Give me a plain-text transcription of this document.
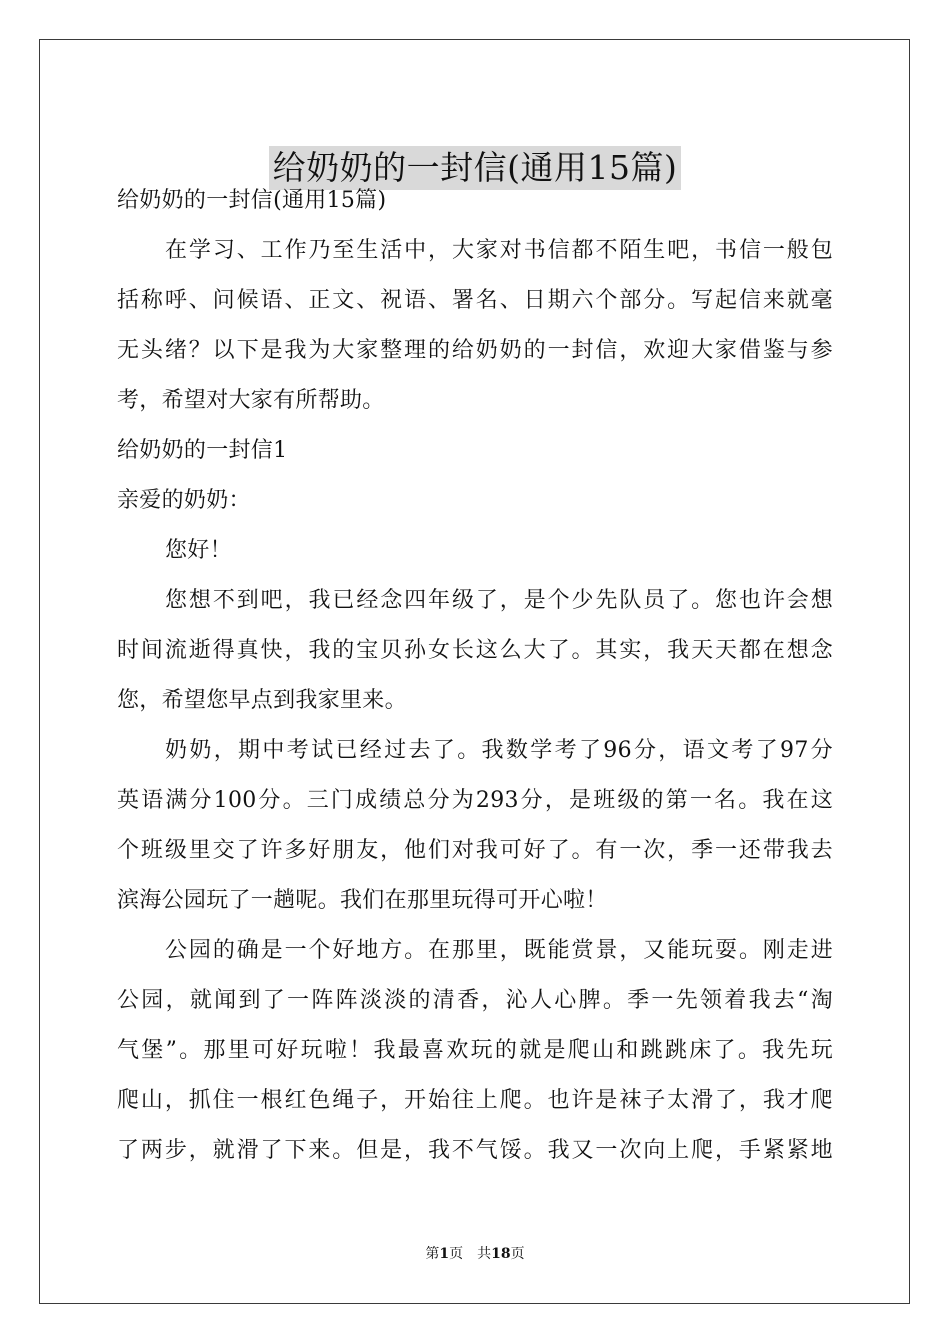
给奶奶的一封信(通用15篇)
给奶奶的一封信(通用15篇)
在学习、工作乃至生活中，大家对书信都不陌生吧，书信一般包
括称呼、问候语、正文、祝语、署名、日期六个部分。写起信来就毫
无头绪？以下是我为大家整理的给奶奶的一封信，欢迎大家借鉴与参
考，希望对大家有所帮助。
给奶奶的一封信1
亲爱的奶奶：
您好！
您想不到吧，我已经念四年级了，是个少先队员了。您也许会想
时间流逝得真快，我的宝贝孙女长这么大了。其实，我天天都在想念
您，希望您早点到我家里来。
奶奶，期中考试已经过去了。我数学考了96分，语文考了97分
英语满分100分。三门成绩总分为293分，是班级的第一名。我在这
个班级里交了许多好朋友，他们对我可好了。有一次，季一还带我去
滨海公园玩了一趟呢。我们在那里玩得可开心啦！
公园的确是一个好地方。在那里，既能赏景，又能玩耍。刚走进
公园，就闻到了一阵阵淡淡的清香，沁人心脾。季一先领着我去“淘
气堡”。那里可好玩啦！我最喜欢玩的就是爬山和跳跳床了。我先玩
爬山，抓住一根红色绳子，开始往上爬。也许是袜子太滑了，我才爬
了两步，就滑了下来。但是，我不气馁。我又一次向上爬，手紧紧地
第1页 共18页
